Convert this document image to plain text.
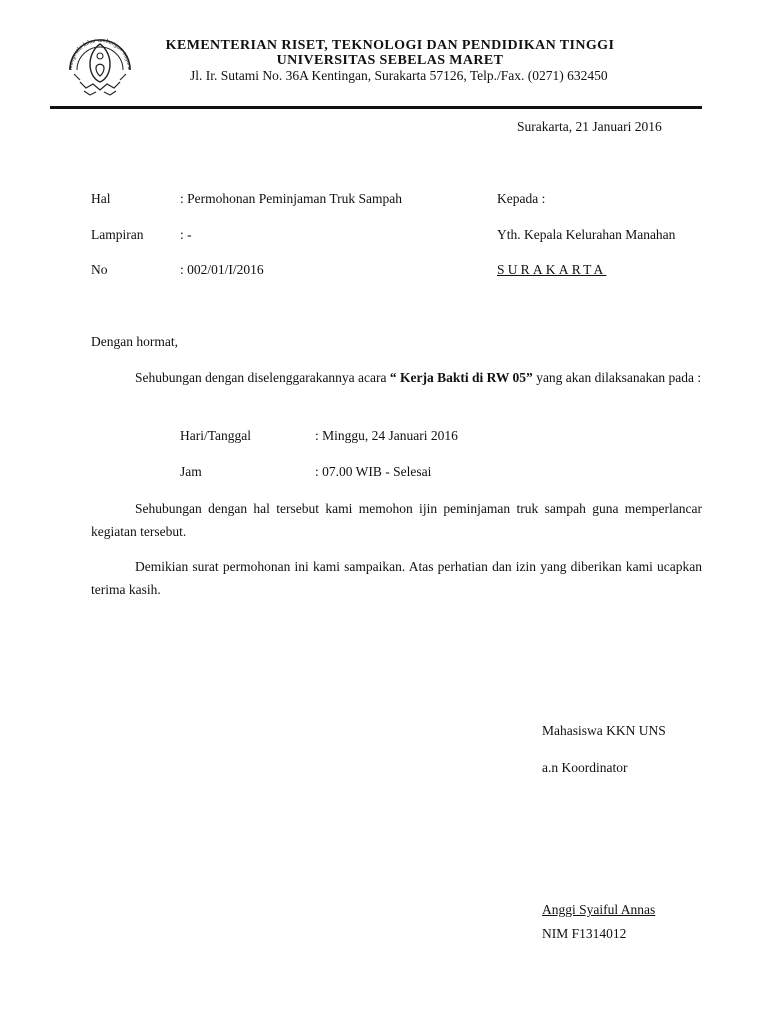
mangesthi luhur ambangun nagara
KEMENTERIAN RISET, TEKNOLOGI DAN PENDIDIKAN TINGGI
UNIVERSITAS SEBELAS MARET
Jl. Ir. Sutami No. 36A Kentingan, Surakarta 57126, Telp./Fax. (0271) 632450
Surakarta, 21 Januari 2016
Hal	: Permohonan Peminjaman Truk Sampah
Lampiran	: -
No	: 002/01/I/2016
Kepada :
Yth. Kepala Kelurahan Manahan
SURAKARTA
Dengan hormat,
Sehubungan dengan diselenggarakannya acara “ Kerja Bakti di RW 05” yang akan dilaksanakan pada :
Hari/Tanggal	: Minggu, 24 Januari 2016
Jam	: 07.00 WIB - Selesai
Sehubungan dengan hal tersebut kami memohon ijin peminjaman truk sampah guna memperlancar kegiatan tersebut.
Demikian surat permohonan ini kami sampaikan. Atas perhatian dan izin yang diberikan kami ucapkan terima kasih.
Mahasiswa KKN UNS
a.n Koordinator
Anggi Syaiful Annas
NIM F1314012
